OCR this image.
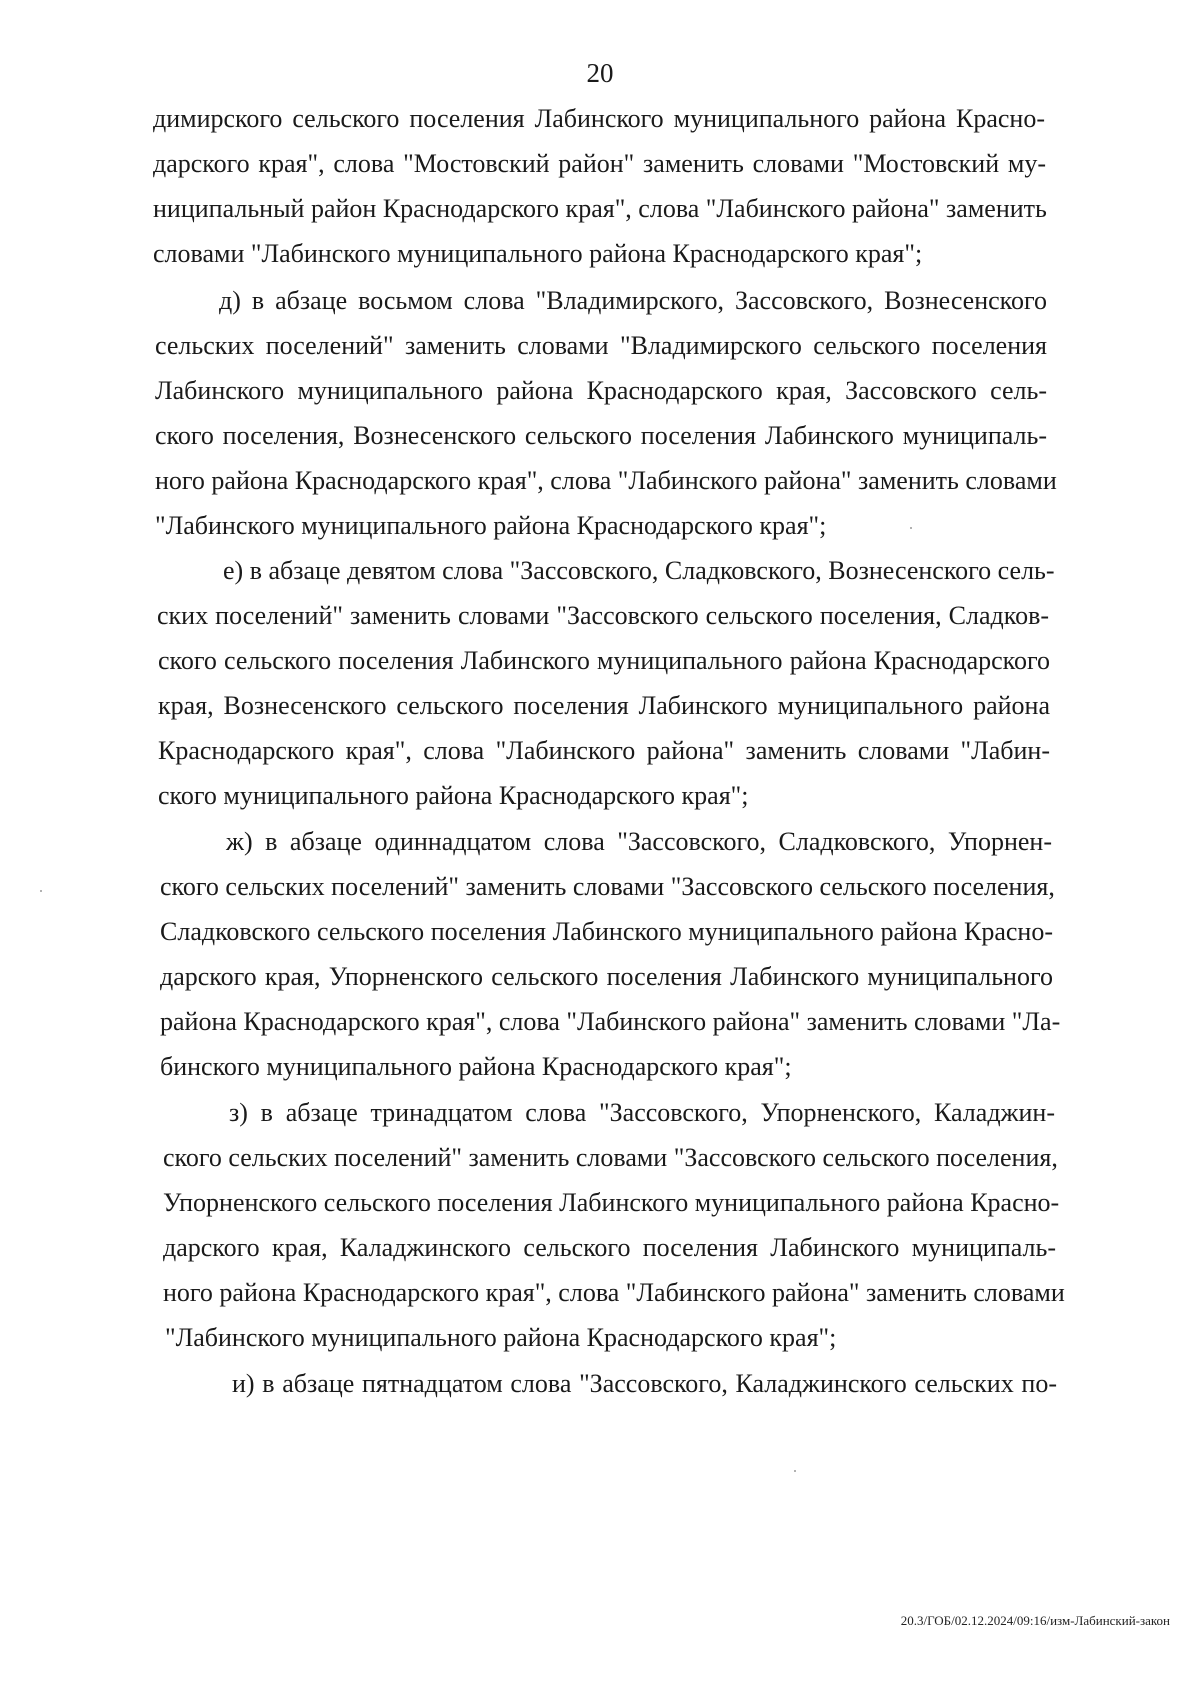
20
димирского сельского поселения Лабинского муниципального района Красно-
дарского края", слова "Мостовский район" заменить словами "Мостовский му-
ниципальный район Краснодарского края", слова "Лабинского района" заменить
словами "Лабинского муниципального района Краснодарского края";
д) в абзаце восьмом слова "Владимирского, Зассовского, Вознесенского
сельских поселений" заменить словами "Владимирского сельского поселения
Лабинского муниципального района Краснодарского края, Зассовского сель-
ского поселения, Вознесенского сельского поселения Лабинского муниципаль-
ного района Краснодарского края", слова "Лабинского района" заменить словами
"Лабинского муниципального района Краснодарского края";
е) в абзаце девятом слова "Зассовского, Сладковского, Вознесенского сель-
ских поселений" заменить словами "Зассовского сельского поселения, Сладков-
ского сельского поселения Лабинского муниципального района Краснодарского
края, Вознесенского сельского поселения Лабинского муниципального района
Краснодарского края", слова "Лабинского района" заменить словами "Лабин-
ского муниципального района Краснодарского края";
ж) в абзаце одиннадцатом слова "Зассовского, Сладковского, Упорнен-
ского сельских поселений" заменить словами "Зассовского сельского поселения,
Сладковского сельского поселения Лабинского муниципального района Красно-
дарского края, Упорненского сельского поселения Лабинского муниципального
района Краснодарского края", слова "Лабинского района" заменить словами "Ла-
бинского муниципального района Краснодарского края";
з) в абзаце тринадцатом слова "Зассовского, Упорненского, Каладжин-
ского сельских поселений" заменить словами "Зассовского сельского поселения,
Упорненского сельского поселения Лабинского муниципального района Красно-
дарского края, Каладжинского сельского поселения Лабинского муниципаль-
ного района Краснодарского края", слова "Лабинского района" заменить словами
"Лабинского муниципального района Краснодарского края";
и) в абзаце пятнадцатом слова "Зассовского, Каладжинского сельских по-
20.3/ГОБ/02.12.2024/09:16/изм-Лабинский-закон
